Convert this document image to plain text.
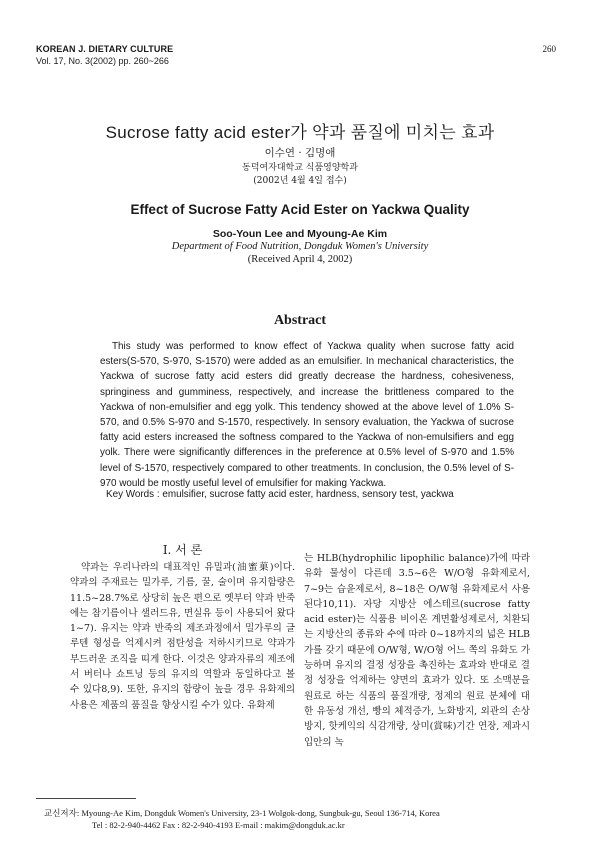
KOREAN J. DIETARY CULTURE
Vol. 17, No. 3(2002) pp. 260~266
260
Sucrose fatty acid ester가 약과 품질에 미치는 효과
이수연 · 김명애
동덕여자대학교 식품영양학과
(2002년 4월 4일 접수)
Effect of Sucrose Fatty Acid Ester on Yackwa Quality
Soo-Youn Lee and Myoung-Ae Kim
Department of Food Nutrition, Dongduk Women's University
(Received April 4, 2002)
Abstract

This study was performed to know effect of Yackwa quality when sucrose fatty acid esters(S-570, S-970, S-1570) were added as an emulsifier. In mechanical characteristics, the Yackwa of sucrose fatty acid esters did greatly decrease the hardness, cohesiveness, springiness and gumminess, respectively, and increase the brittleness compared to the Yackwa of non-emulsifier and egg yolk. This tendency showed at the above level of 1.0% S-570, and 0.5% S-970 and S-1570, respectively. In sensory evaluation, the Yackwa of sucrose fatty acid esters increased the softness compared to the Yackwa of non-emulsifiers and egg yolk. There were significantly differences in the preference at 0.5% level of S-970 and 1.5% level of S-1570, respectively compared to other treatments. In conclusion, the 0.5% level of S-970 would be mostly useful level of emulsifier for making Yackwa.

Key Words : emulsifier, sucrose fatty acid ester, hardness, sensory test, yackwa
I. 서 론

약과는 우리나라의 대표적인 유밀과(油蜜菓)이다. 약과의 주재료는 밀가루, 기름, 꿀, 술이며 유지함량은 11.5~28.7%로 상당히 높은 편으로 옛부터 약과 반죽에는 참기름이나 샐러드유, 면실유 등이 사용되어 왔다1~7). 유지는 약과 반죽의 제조과정에서 밀가루의 글루텐 형성을 억제시켜 점탄성을 저하시키므로 약과가 부드러운 조직을 띠게 한다. 이것은 양과자류의 제조에서 버터나 쇼트닝 등의 유지의 역할과 동일하다고 볼 수 있다8,9). 또한, 유지의 함량이 높을 경우 유화제의 사용은 제품의 품질을 향상시킬 수가 있다. 유화제

는 HLB(hydrophilic lipophilic balance)가에 따라 유화 물성이 다른데 3.5~6은 W/O형 유화제로서, 7~9는 습윤제로서, 8~18은 O/W형 유화제로서 사용된다10,11). 자당 지방산 에스테르(sucrose fatty acid ester)는 식품용 비이온 계면활성제로서, 치환되는 지방산의 종류와 수에 따라 0~18까지의 넓은 HLB가를 갖기 때문에 O/W형, W/O형 어느 쪽의 유화도 가능하며 유지의 결정 성장을 촉진하는 효과와 반대로 결정 성장을 억제하는 양면의 효과가 있다. 또 소맥분을 원료로 하는 식품의 품질개량, 정제의 원료 분체에 대한 유동성 개선, 빵의 체적증가, 노화방지, 외관의 손상방지, 핫케익의 식감개량, 상미(賞味)기간 연장, 제과시 입안의 녹

교신저자: Myoung-Ae Kim, Dongduk Women's University, 23-1 Wolgok-dong, Sungbuk-gu, Seoul 136-714, Korea
Tel : 82-2-940-4462 Fax : 82-2-940-4193 E-mail : makim@dongduk.ac.kr
